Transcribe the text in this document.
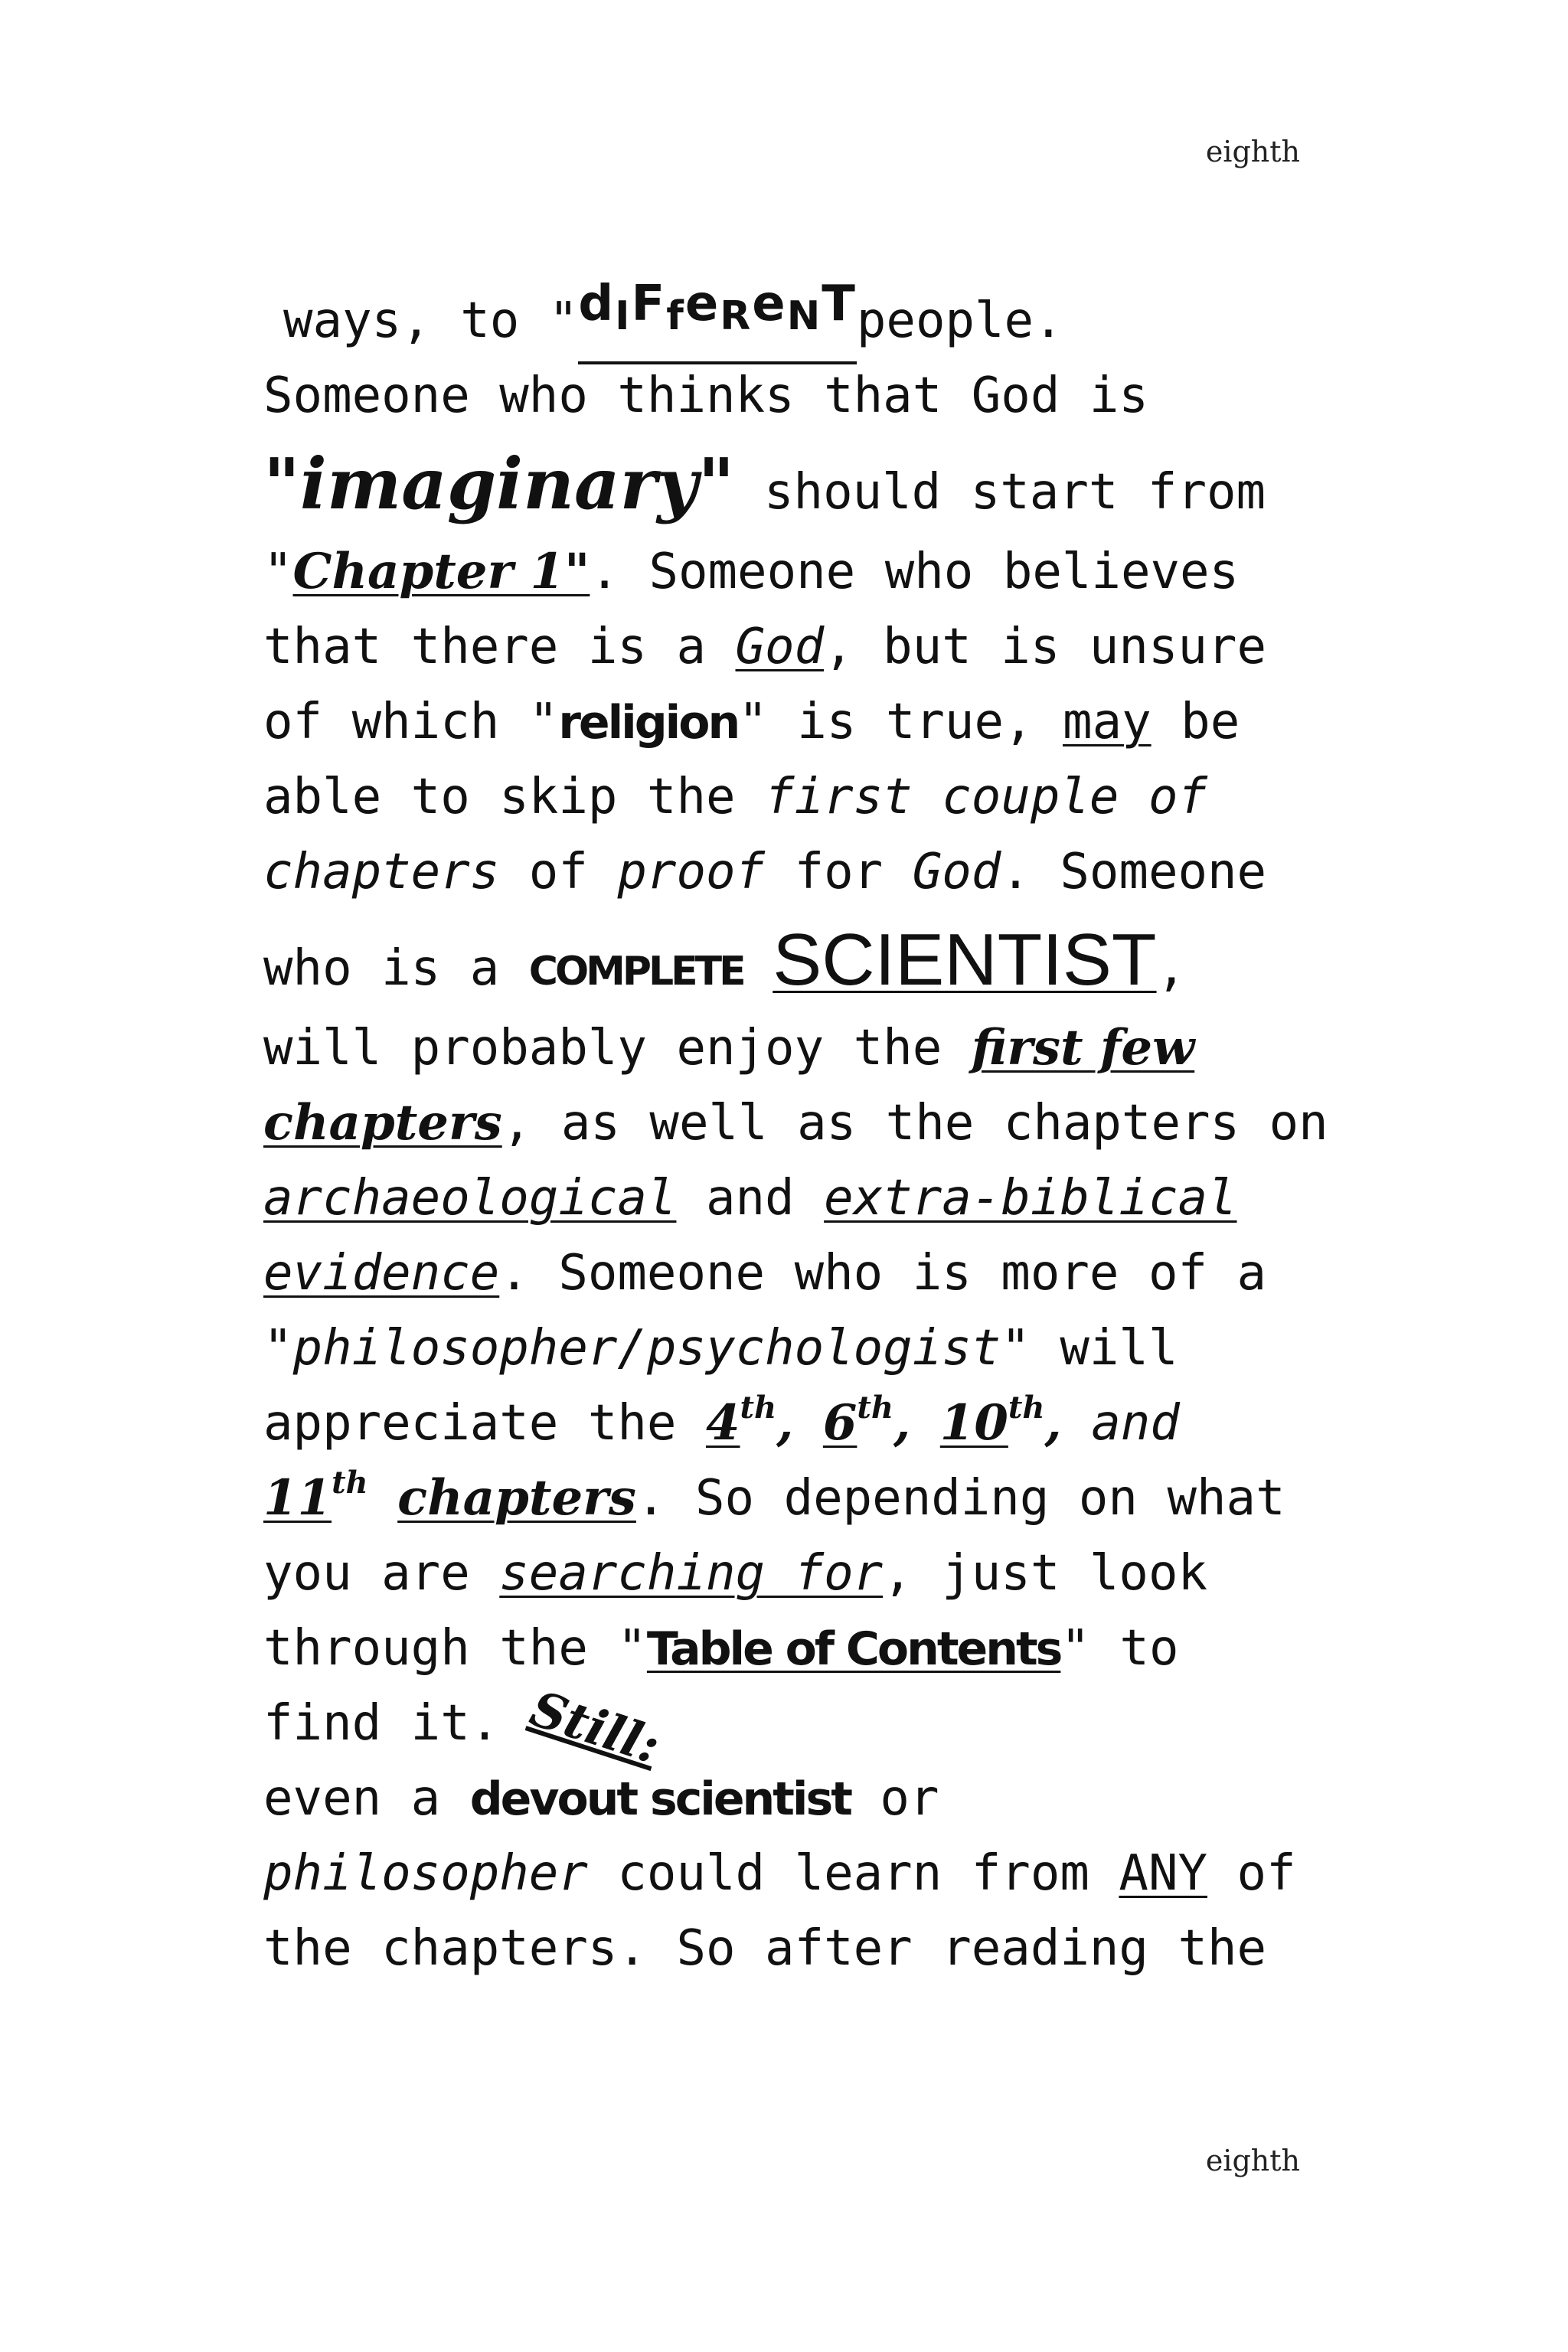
eighth
ways, to "dIFfeReNTpeople.
Someone who thinks that God is
"imaginary" should start from
"Chapter 1". Someone who believes
that there is a God, but is unsure
of which "religion" is true, may be
able to skip the first couple of
chapters of proof for God. Someone
who is a COMPLETE SCIENTIST,
will probably enjoy the first few
chapters, as well as the chapters on
archaeological and extra-biblical
evidence. Someone who is more of a
"philosopher/psychologist" will
appreciate the 4th, 6th, 10th, and
11th chapters. So depending on what
you are searching for, just look
through the "Table of Contents" to
find it. Still:
even a devout scientist or
philosopher could learn from ANY of
the chapters. So after reading the
eighth
